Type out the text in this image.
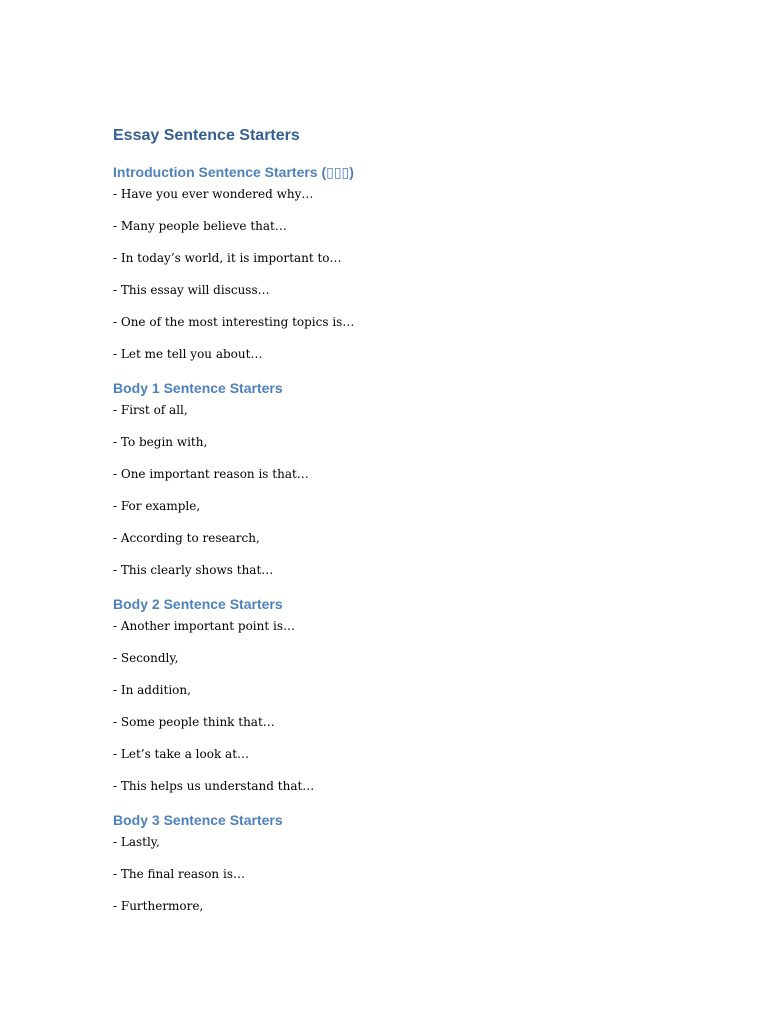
Essay Sentence Starters
Introduction Sentence Starters (▯▯▯)

- Have you ever wondered why…

- Many people believe that…

- In today’s world, it is important to…

- This essay will discuss…

- One of the most interesting topics is…

- Let me tell you about…

Body 1 Sentence Starters

- First of all,

- To begin with,

- One important reason is that…

- For example,

- According to research,

- This clearly shows that…

Body 2 Sentence Starters

- Another important point is…

- Secondly,

- In addition,

- Some people think that…

- Let’s take a look at…

- This helps us understand that…

Body 3 Sentence Starters

- Lastly,

- The final reason is…

- Furthermore,
